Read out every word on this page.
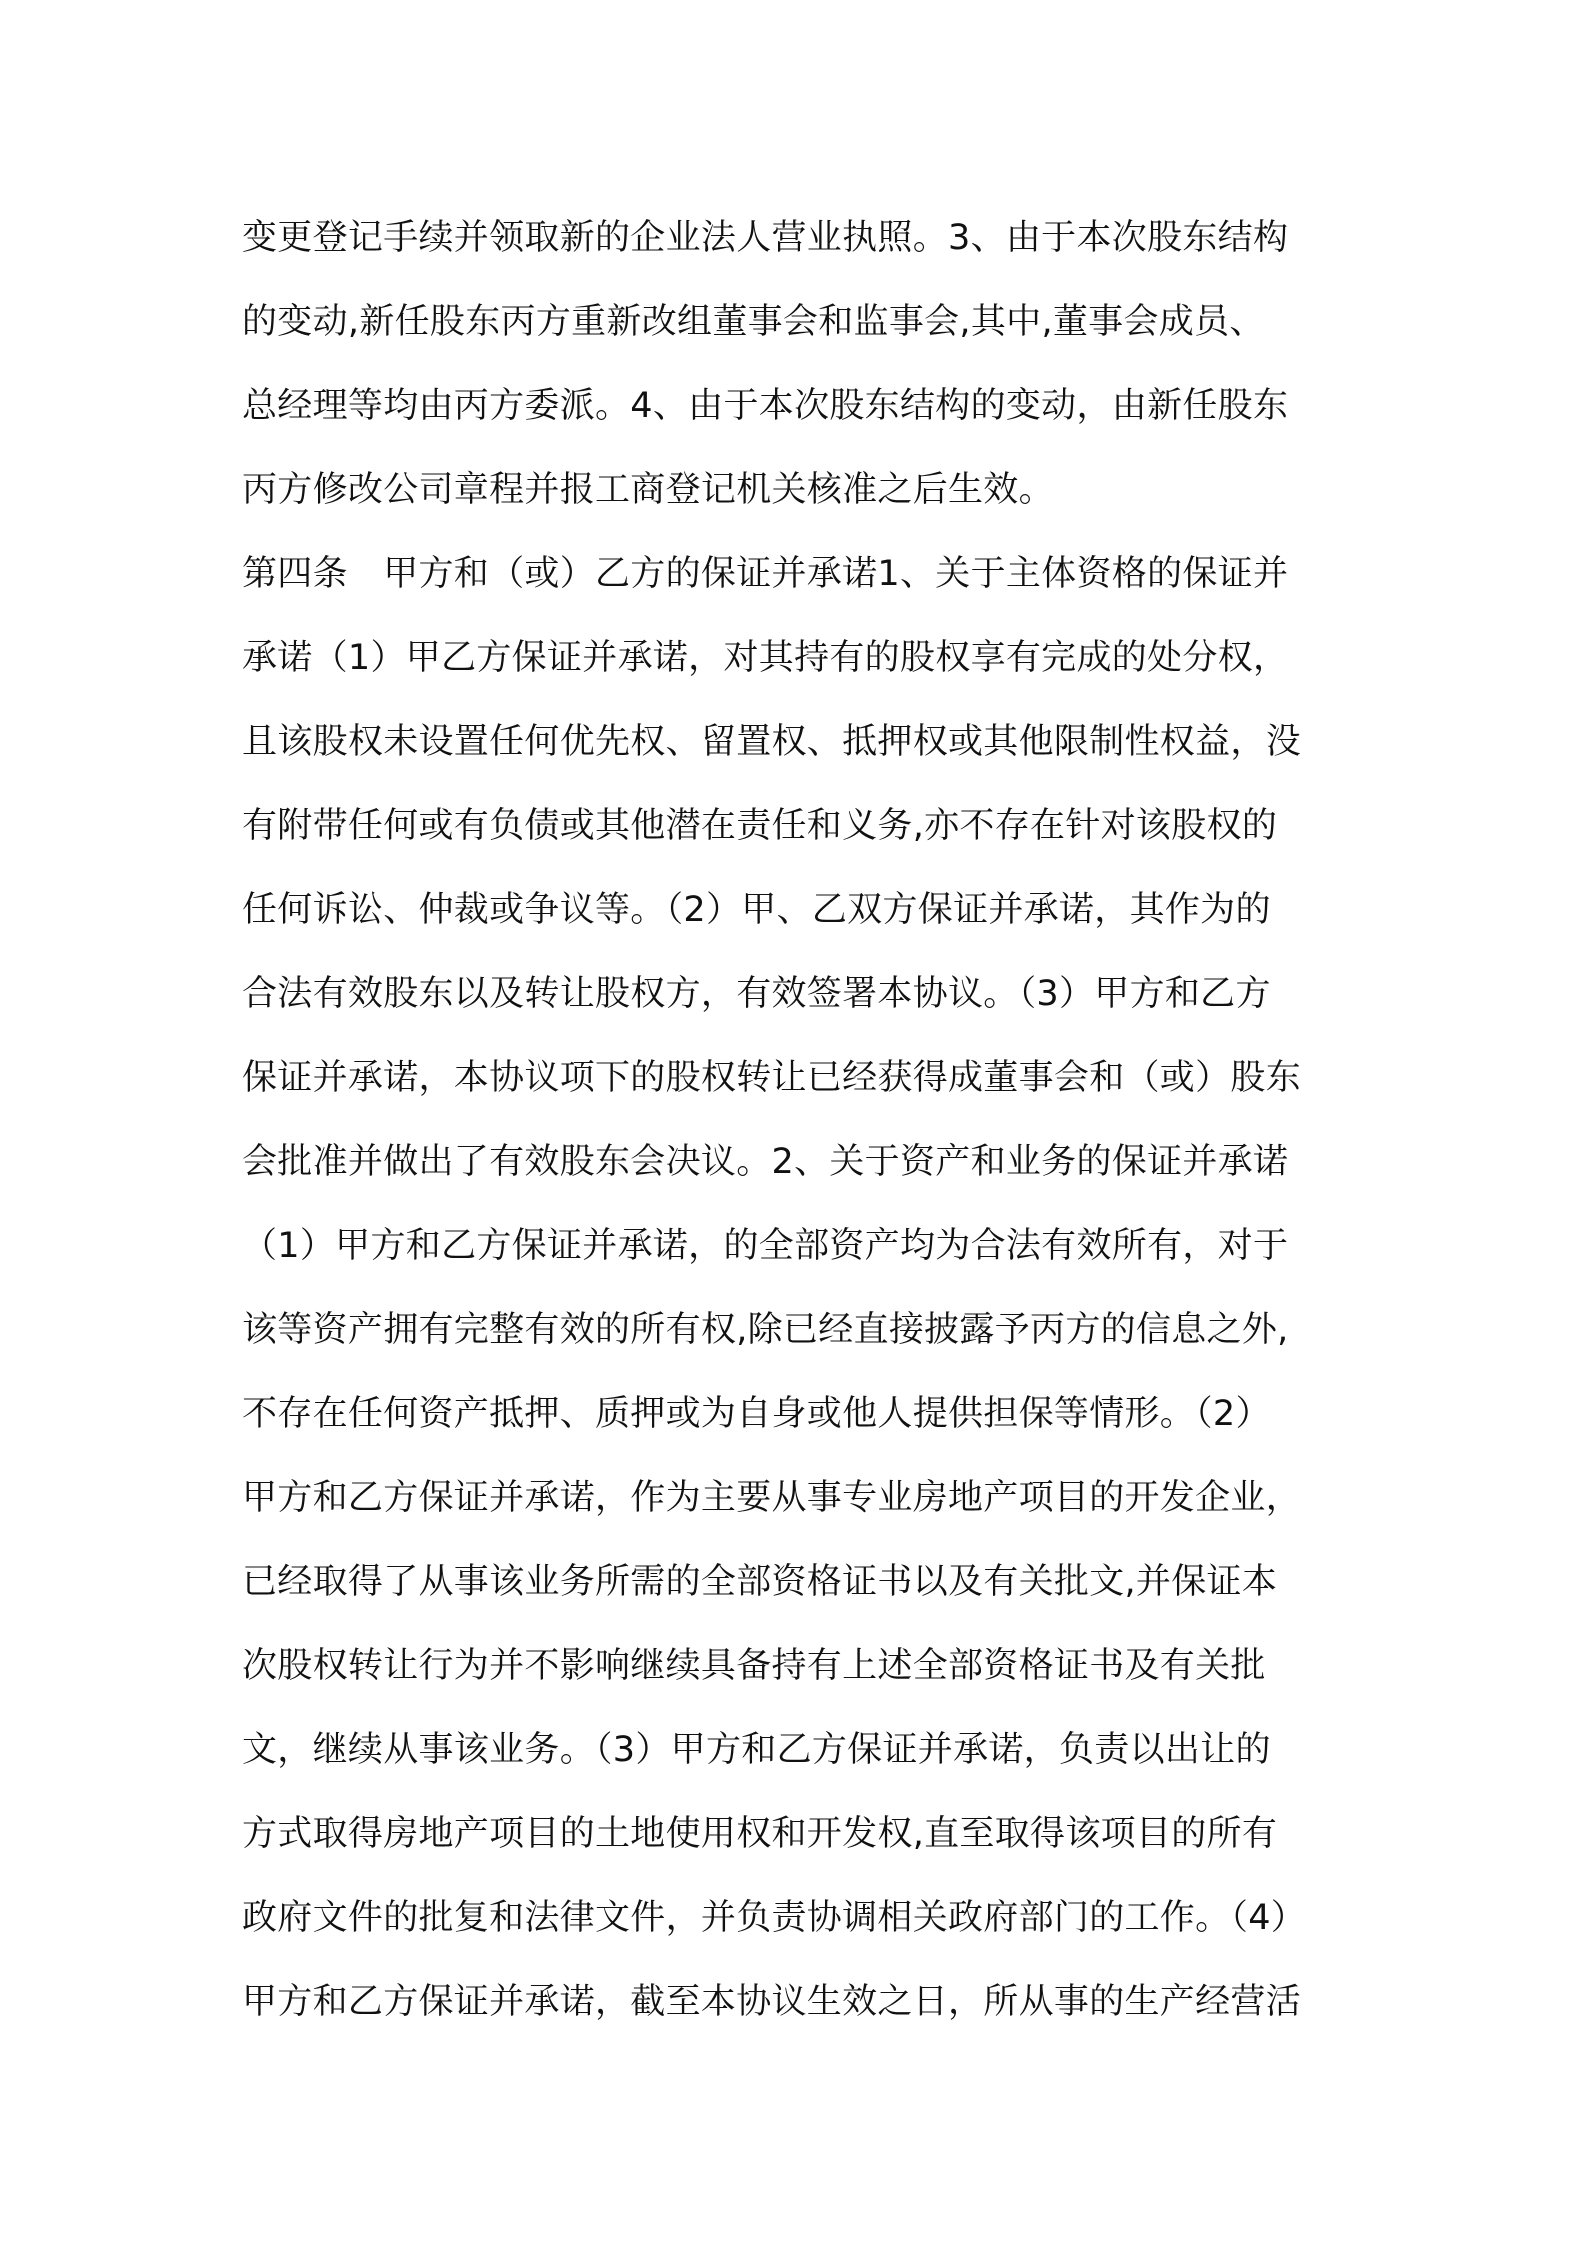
变更登记手续并领取新的企业法人营业执照。3、由于本次股东结构
的变动,新任股东丙方重新改组董事会和监事会,其中,董事会成员、
总经理等均由丙方委派。4、由于本次股东结构的变动，由新任股东
丙方修改公司章程并报工商登记机关核准之后生效。
第四条　甲方和（或）乙方的保证并承诺1、关于主体资格的保证并
承诺（1）甲乙方保证并承诺，对其持有的股权享有完成的处分权，
且该股权未设置任何优先权、留置权、抵押权或其他限制性权益，没
有附带任何或有负债或其他潜在责任和义务,亦不存在针对该股权的
任何诉讼、仲裁或争议等。（2）甲、乙双方保证并承诺，其作为的
合法有效股东以及转让股权方，有效签署本协议。（3）甲方和乙方
保证并承诺，本协议项下的股权转让已经获得成董事会和（或）股东
会批准并做出了有效股东会决议。2、关于资产和业务的保证并承诺
（1）甲方和乙方保证并承诺，的全部资产均为合法有效所有，对于
该等资产拥有完整有效的所有权,除已经直接披露予丙方的信息之外,
不存在任何资产抵押、质押或为自身或他人提供担保等情形。（2）
甲方和乙方保证并承诺，作为主要从事专业房地产项目的开发企业，
已经取得了从事该业务所需的全部资格证书以及有关批文,并保证本
次股权转让行为并不影响继续具备持有上述全部资格证书及有关批
文，继续从事该业务。（3）甲方和乙方保证并承诺，负责以出让的
方式取得房地产项目的土地使用权和开发权,直至取得该项目的所有
政府文件的批复和法律文件，并负责协调相关政府部门的工作。（4）
甲方和乙方保证并承诺，截至本协议生效之日，所从事的生产经营活
